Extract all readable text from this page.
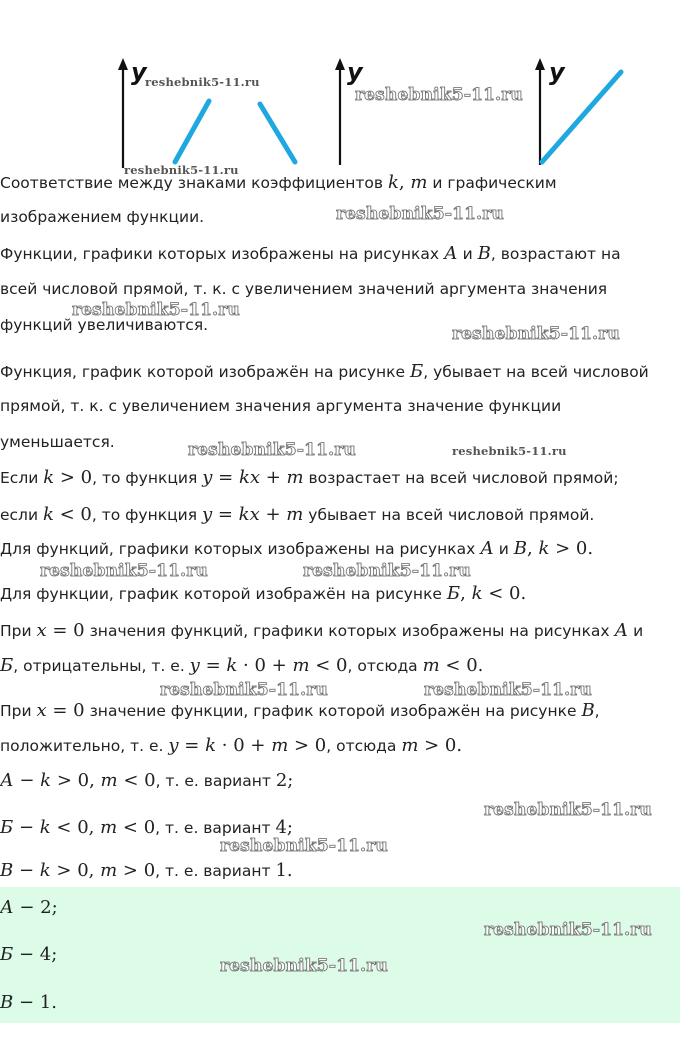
y	y	y
Соответствие между знаками коэффициентов k, m и графическим
изображением функции.
Функции, графики которых изображены на рисунках А и В, возрастают на
всей числовой прямой, т. к. с увеличением значений аргумента значения
функций увеличиваются.
Функция, график которой изображён на рисунке Б, убывает на всей числовой
прямой, т. к. с увеличением значения аргумента значение функции
уменьшается.
Если k > 0, то функция y = kx + m возрастает на всей числовой прямой;
если k < 0, то функция y = kx + m убывает на всей числовой прямой.
Для функций, графики которых изображены на рисунках А и В, k > 0.
Для функции, график которой изображён на рисунке Б, k < 0.
При x = 0 значения функций, графики которых изображены на рисунках А и
Б, отрицательны, т. е. y = k · 0 + m < 0, отсюда m < 0.
При x = 0 значение функции, график которой изображён на рисунке В,
положительно, т. е. y = k · 0 + m > 0, отсюда m > 0.
А − k > 0, m < 0, т. е. вариант 2;
Б − k < 0, m < 0, т. е. вариант 4;
В − k > 0, m > 0, т. е. вариант 1.
А − 2;
Б − 4;
В − 1.
reshebnik5-11.ru
reshebnik5-11.ru
reshebnik5-11.ru
reshebnik5-11.ru
reshebnik5-11.ru
reshebnik5-11.ru
reshebnik5-11.ru	reshebnik5-11.ru
reshebnik5-11.ru	reshebnik5-11.ru
reshebnik5-11.ru	reshebnik5-11.ru
reshebnik5-11.ru
reshebnik5-11.ru
reshebnik5-11.ru
reshebnik5-11.ru
